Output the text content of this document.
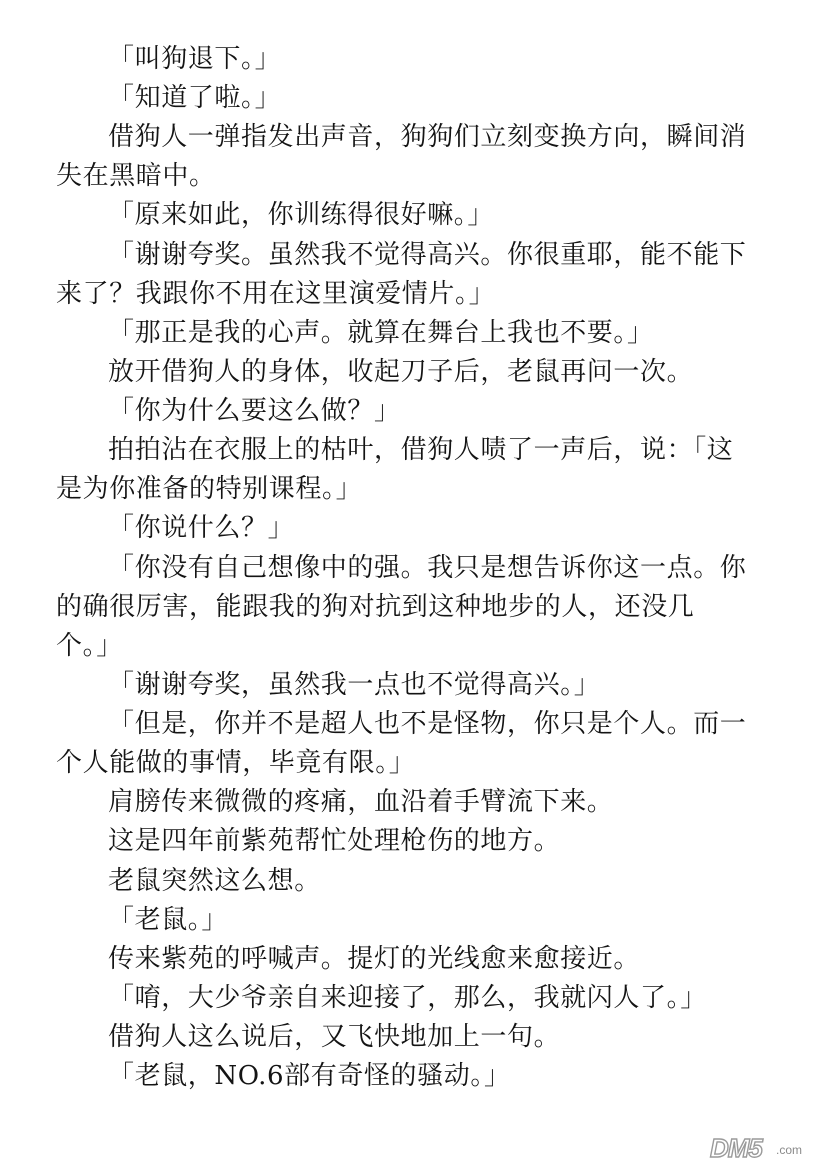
「叫狗退下。」
「知道了啦。」
借狗人一弹指发出声音，狗狗们立刻变换方向，瞬间消
失在黑暗中。
「原来如此，你训练得很好嘛。」
「谢谢夸奖。虽然我不觉得高兴。你很重耶，能不能下
来了？我跟你不用在这里演爱情片。」
「那正是我的心声。就算在舞台上我也不要。」
放开借狗人的身体，收起刀子后，老鼠再问一次。
「你为什么要这么做？」
拍拍沾在衣服上的枯叶，借狗人啧了一声后，说：「这
是为你准备的特别课程。」
「你说什么？」
「你没有自己想像中的强。我只是想告诉你这一点。你
的确很厉害，能跟我的狗对抗到这种地步的人，还没几
个。」
「谢谢夸奖，虽然我一点也不觉得高兴。」
「但是，你并不是超人也不是怪物，你只是个人。而一
个人能做的事情，毕竟有限。」
肩膀传来微微的疼痛，血沿着手臂流下来。
这是四年前紫苑帮忙处理枪伤的地方。
老鼠突然这么想。
「老鼠。」
传来紫苑的呼喊声。提灯的光线愈来愈接近。
「唷，大少爷亲自来迎接了，那么，我就闪人了。」
借狗人这么说后，又飞快地加上一句。
「老鼠，NO.6部有奇怪的骚动。」
DM5 .com
